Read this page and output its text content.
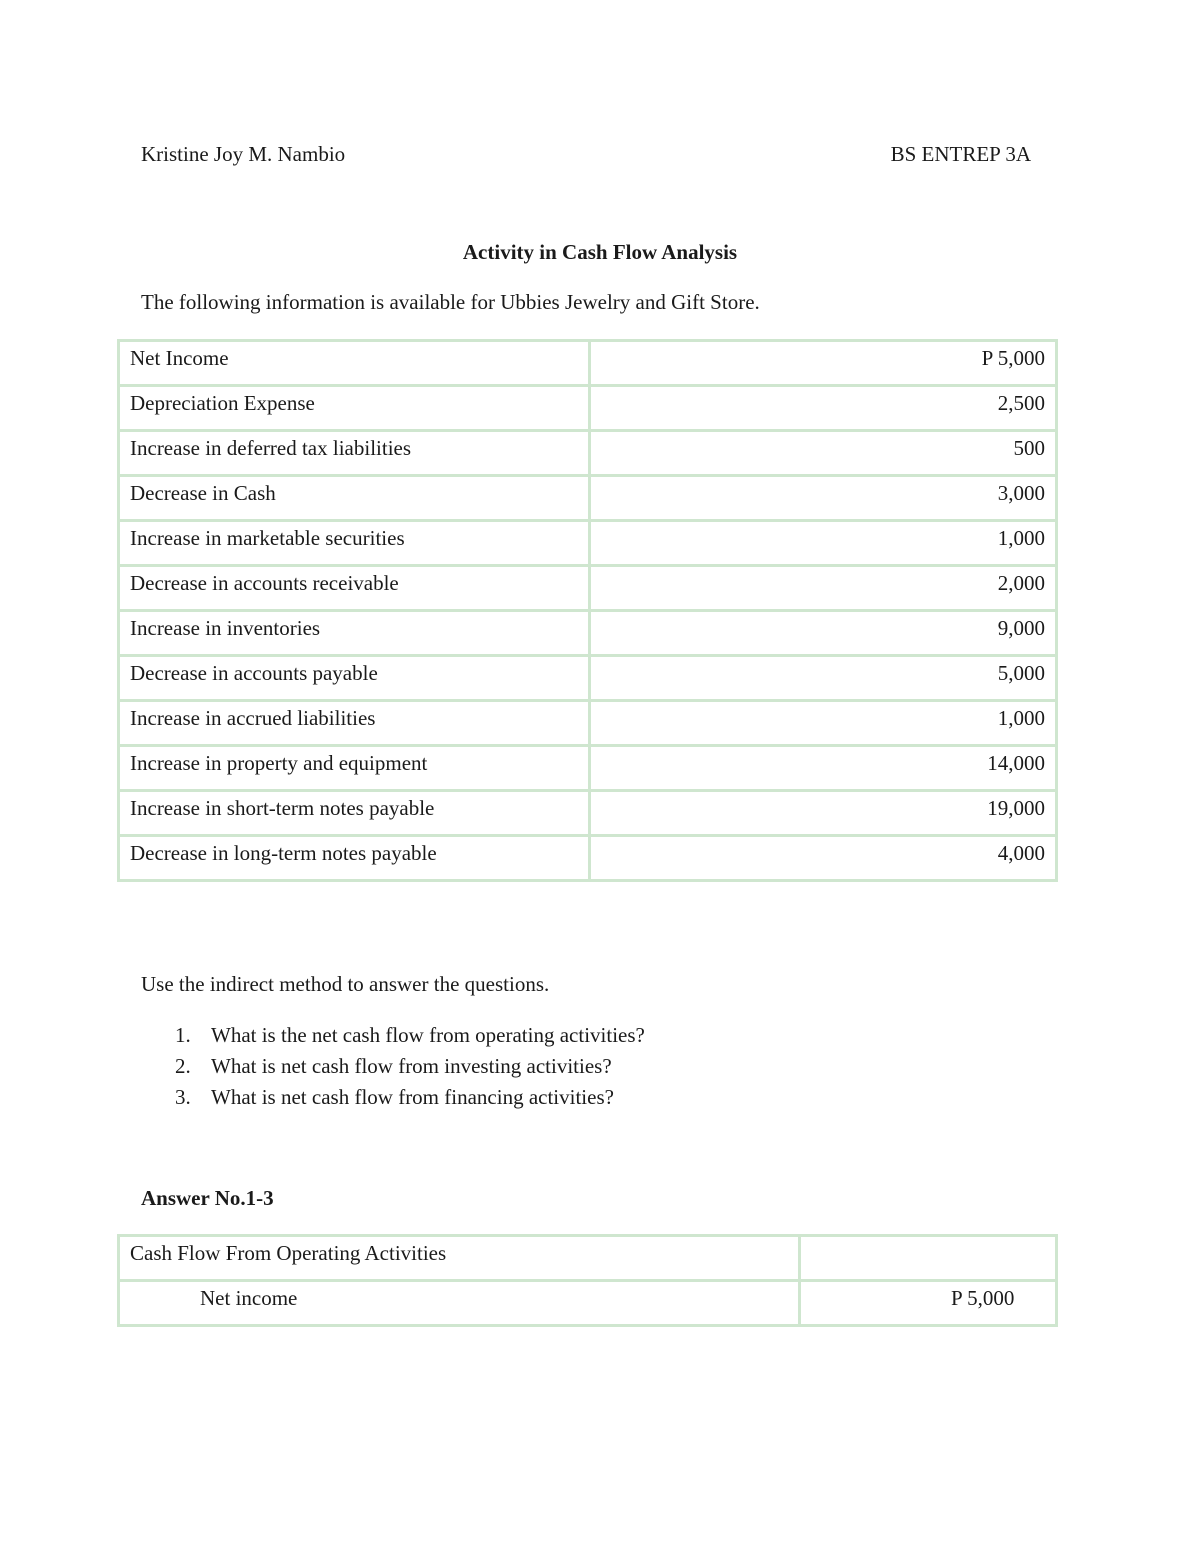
Kristine Joy M. Nambio	BS ENTREP 3A
Activity in Cash Flow Analysis
The following information is available for Ubbies Jewelry and Gift Store.
Net Income	P 5,000
Depreciation Expense	2,500
Increase in deferred tax liabilities	500
Decrease in Cash	3,000
Increase in marketable securities	1,000
Decrease in accounts receivable	2,000
Increase in inventories	9,000
Decrease in accounts payable	5,000
Increase in accrued liabilities	1,000
Increase in property and equipment	14,000
Increase in short-term notes payable	19,000
Decrease in long-term notes payable	4,000
Use the indirect method to answer the questions.
1. What is the net cash flow from operating activities?
2. What is net cash flow from investing activities?
3. What is net cash flow from financing activities?
Answer No.1-3
Cash Flow From Operating Activities	
Net income	P 5,000
